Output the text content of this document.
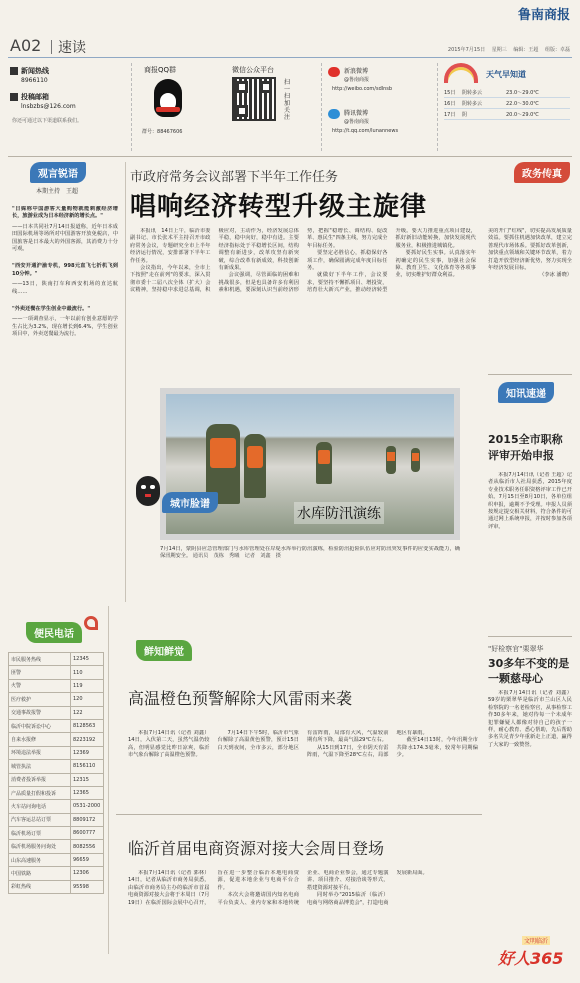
鲁南商报
A02 速读	2015年7月15日　 星期三　 编辑：王超　 组版：卓磊
新闻热线
8966110
投稿邮箱
lnsbzbs@126.com
你还可通过以下渠道联系我们。
商报QQ群
群号：88467606
微信公众平台
扫一扫加关注
新浪微博
@鲁南商报
http://weibo.com/sdlnsb
腾讯微博
@鲁南商报
http://t.qq.com/lunannews
天气早知道
15日	阴转多云	23.0～29.0℃
16日	阴转多云	22.0～30.0℃
17日	阴	20.0～29.0℃
观言锐语
本期主持　王超

"日媒称中国游客大量购物就能刺激经济增长，旅游业成为日本经济新的增长点。"

——日本共同社7月14日报道称，近年日本成田国际机场等场所对中国游客开放免税店，中国旅客是日本最大的外国客源，其消费力十分可观。

"西安开通沪渝专机，998元直飞七折机飞到10分钟。"

——13日，陕南打车和西安机场的直达航线……

"外卖还餐在学生创业中最流行。"

——一项调查显示，一年以前有创业意愿的学生占比为3.2%，现在增长到6.4%，学生创业项目中，外卖送餐最为流行。

市政府常务会议部署下半年工作任务
唱响经济转型升级主旋律

本报讯　14日上午，临沂市委副书记、市长张术平主持召开市政府常务会议，专题研究全市上半年经济运行情况，安排部署下半年工作任务。

会议指出，今年以来，全市上下按照"走在前列"的要求，深入贯彻市委十二届八次全体（扩大）会议精神，坚持稳中求进总基调，积极应对，主动作为，经济发展总体平稳，稳中向好，稳中有进。主要经济指标处于平稳增长区间，结构调整有新进步，改革攻坚有新突破，综合改革有新成效，科技创新有新成果。

会议强调，尽管面临的困难和挑战很多，但是也具备许多有利因素和机遇，要深刻认识当前经济形势，把握"稳增长、调结构、促改革、惠民生"四条主线，努力完成全年目标任务。

要坚定必胜信心，抓稳保好各项工作，确保圆满完成年度目标任务。

就做好下半年工作，会议要求，要坚持不懈抓项目、增投资，培育壮大新兴产业，推动经济转型升级。要大力推进重点项目建设，抓好新旧动能转换，加快发展现代服务业，积极推进城镇化。

要抓好民生实事。认真落实年初确定的民生实事，加强社会保障、教育卫生、文化体育等各项事业，切实维护好群众利益。

水库防汛演练
城市脸谱
7月14日，蒙阴县应急管理部门与水库管理处在岸堤水库举行防汛演练，检验防汛抢险队伍应对防汛突发事件的应变实战能力，确保汛期安全。 通讯员　茂栋　秀曦　记者　刘鑫　摄
政务传真

美的开门"红线"，切实提高发展质量效益。要抓住机遇加快改革，建立完善现代市场体系。要抓好改革创新，加快重点领域和关键环节改革，着力打造开放型经济新优势，努力实现全年经济发展目标。

（李冰 潘晓）

知讯速递
2015全市职称评审开始申报
本报7月14日讯（记者 王超）记者从临沂市人社局获悉，2015年度专业技术职务任职资格评审工作已开始。7月15日至8月10日，各单位组织申报，逾期不予受理。申报人员须按规定提交相关材料，符合条件的可通过网上系统申报，并按时参加各项评审。
"好检察官"栗翠华
30多年不变的是一颗慈母心
本报7月14日讯（记者 刘鑫）59岁的栗翠华是临沂市兰山区人民检察院的一名老检察官，从事检察工作30多年来，她对待每一个未成年犯罪嫌疑人都像对待自己的孩子一样，耐心教育、悉心帮助，先后帮助多名失足青少年重新走上正道，赢得了大家的一致赞誉。
便民电话
市民服务热线	12345
匪警	110
火警	119
医疗救护	120
交通事故报警	122
临沂中院诉讼中心	8128563
自来水报修	8223192
环境违法举报	12369
城管执法	8156110
消费者投诉举报	12315
产品质量打假和投诉	12365
火车站问询电话	0531-2000
汽车客运总站订票	8809172
临沂机场订票	8600777
临沂机场服务问询处	8082556
山东高速服务	96659
中国铁路	12306
彩虹热线	95598
鲜知鲜觉
高温橙色预警解除大风雷雨来袭

本报7月14日讯（记者 刘鑫）14日，入伏第二天，虽然气温仍较高，但明显感觉比昨日凉爽，临沂市气象台解除了高温橙色预警。

7月14日下午5时，临沂市气象台解除了高温黄色预警，预计15日白天到夜间，全市多云，部分地区有雷阵雨，局部有大风，气温较前期有所下降，最高气温29℃左右。

从15日到17日，全市阴天有雷阵雨，气温下降至28℃左右，局部地区有暴雨。

截至14日13时，今年汛期全市共降水174.3毫米，较常年同期偏少。

临沂首届电商资源对接大会周日登场

本报7月14日讯（记者 郭林）14日，记者从临沂市商务局获悉，由临沂市商务局主办的临沂市首届电商资源对接大会将于本周日（7月19日）在临沂国际会展中心召开，旨在进一步整合临沂本地电商资源，促进本地企业与电商平台合作。

本次大会将邀请国内知名电商平台负责人、业内专家和本地传统企业、电商企业参会，通过专题演讲、项目推介、对接洽谈等形式，搭建资源对接平台。

同时举办"2015临沂（临沂）电商与网络商品博览会"，打造电商发展新局面。

文明临沂
好人365
